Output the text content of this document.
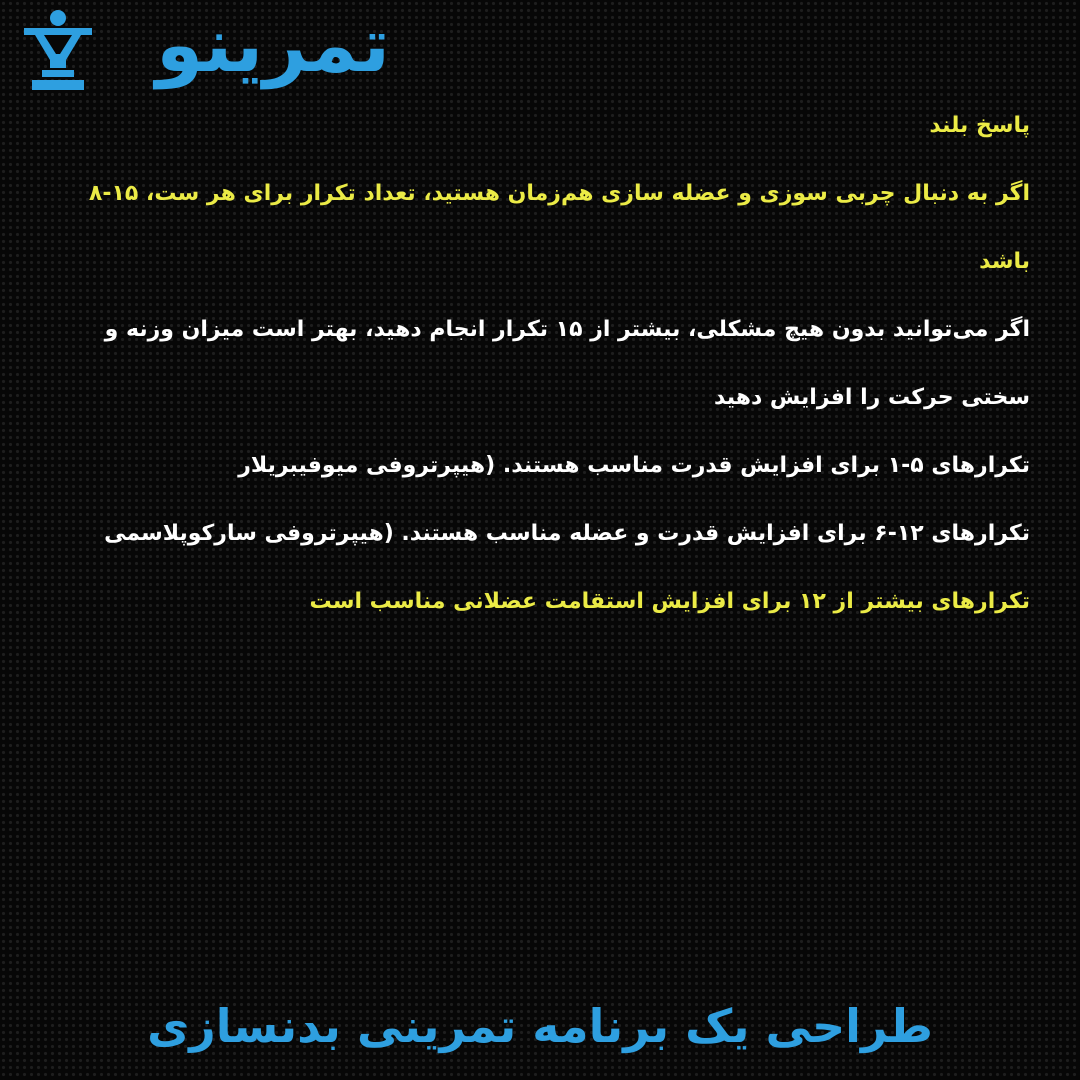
تمرینو

پاسخ بلند

اگر به دنبال چربی سوزی و عضله سازی هم‌زمان هستید، تعداد تکرار برای هر ست، ۱۵-۸ باشد

اگر می‌توانید بدون هیچ مشکلی، بیشتر از ۱۵ تکرار انجام دهید، بهتر است میزان وزنه و سختی حرکت را افزایش دهید

تکرارهای ۵-۱ برای افزایش قدرت مناسب هستند. (هیپرتروفی میوفیبریلار

تکرارهای ۱۲-۶ برای افزایش قدرت و عضله مناسب هستند. (هیپرتروفی سارکوپلاسمی

تکرارهای بیشتر از ۱۲ برای افزایش استقامت عضلانی مناسب است

طراحی یک برنامه تمرینی بدنسازی
